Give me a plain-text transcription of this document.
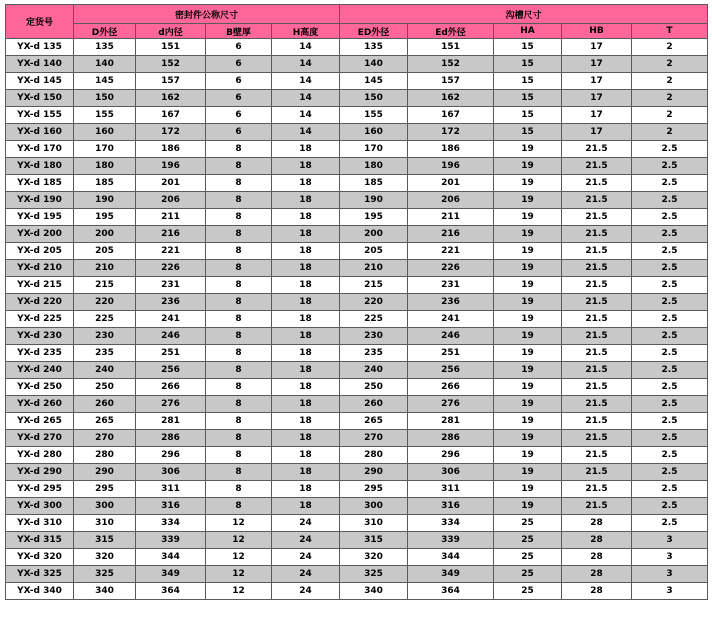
定货号	密封件公称尺寸				沟槽尺寸				
	D外径	d内径	B壁厚	H高度	ⴹD外径	ⴹd外径	HA	HB	T
YX-d 135	135	151	6	14	135	151	15	17	2
YX-d 140	140	152	6	14	140	152	15	17	2
YX-d 145	145	157	6	14	145	157	15	17	2
YX-d 150	150	162	6	14	150	162	15	17	2
YX-d 155	155	167	6	14	155	167	15	17	2
YX-d 160	160	172	6	14	160	172	15	17	2
YX-d 170	170	186	8	18	170	186	19	21.5	2.5
YX-d 180	180	196	8	18	180	196	19	21.5	2.5
YX-d 185	185	201	8	18	185	201	19	21.5	2.5
YX-d 190	190	206	8	18	190	206	19	21.5	2.5
YX-d 195	195	211	8	18	195	211	19	21.5	2.5
YX-d 200	200	216	8	18	200	216	19	21.5	2.5
YX-d 205	205	221	8	18	205	221	19	21.5	2.5
YX-d 210	210	226	8	18	210	226	19	21.5	2.5
YX-d 215	215	231	8	18	215	231	19	21.5	2.5
YX-d 220	220	236	8	18	220	236	19	21.5	2.5
YX-d 225	225	241	8	18	225	241	19	21.5	2.5
YX-d 230	230	246	8	18	230	246	19	21.5	2.5
YX-d 235	235	251	8	18	235	251	19	21.5	2.5
YX-d 240	240	256	8	18	240	256	19	21.5	2.5
YX-d 250	250	266	8	18	250	266	19	21.5	2.5
YX-d 260	260	276	8	18	260	276	19	21.5	2.5
YX-d 265	265	281	8	18	265	281	19	21.5	2.5
YX-d 270	270	286	8	18	270	286	19	21.5	2.5
YX-d 280	280	296	8	18	280	296	19	21.5	2.5
YX-d 290	290	306	8	18	290	306	19	21.5	2.5
YX-d 295	295	311	8	18	295	311	19	21.5	2.5
YX-d 300	300	316	8	18	300	316	19	21.5	2.5
YX-d 310	310	334	12	24	310	334	25	28	2.5
YX-d 315	315	339	12	24	315	339	25	28	3
YX-d 320	320	344	12	24	320	344	25	28	3
YX-d 325	325	349	12	24	325	349	25	28	3
YX-d 340	340	364	12	24	340	364	25	28	3
